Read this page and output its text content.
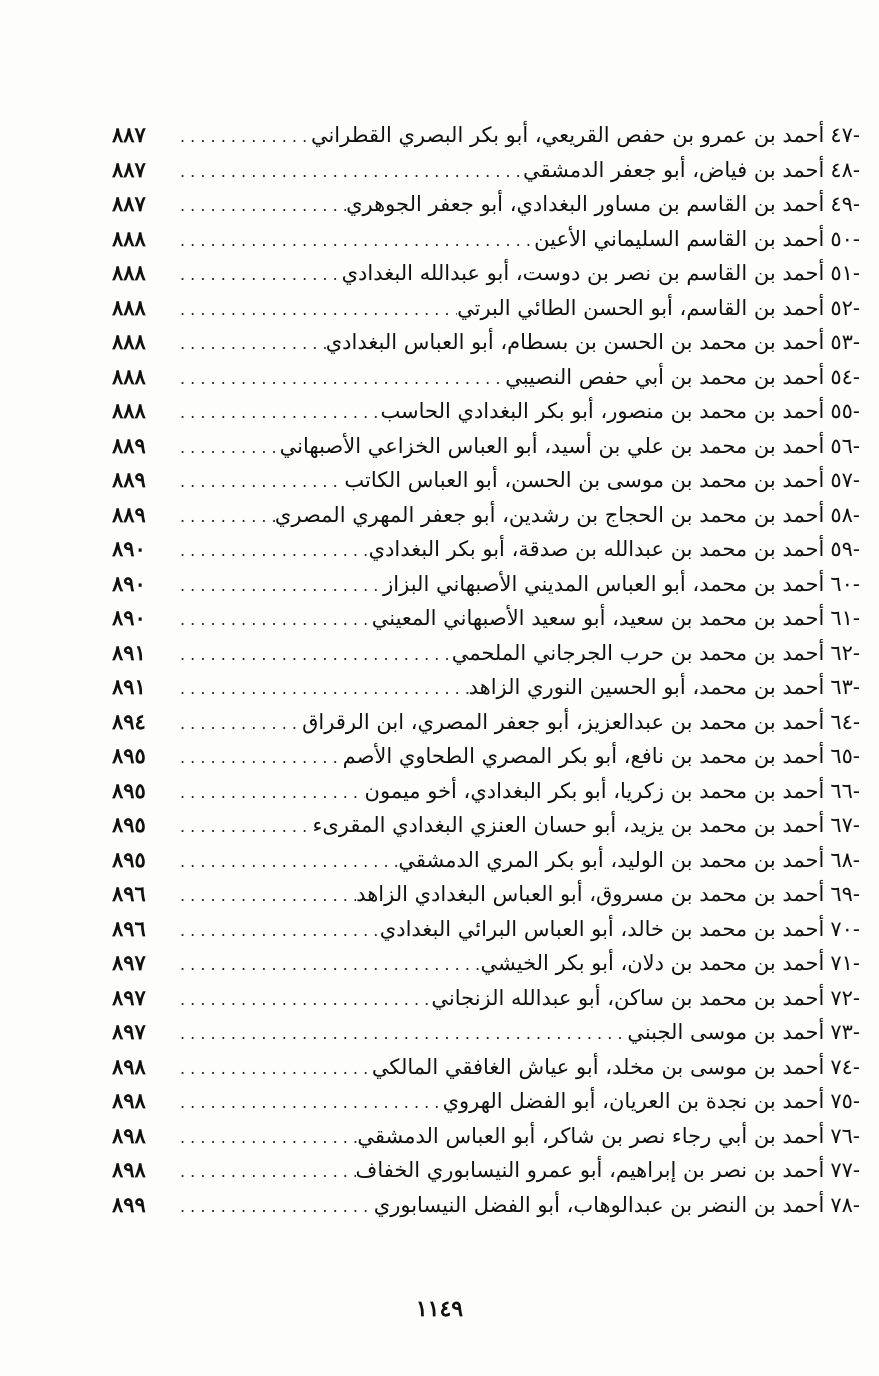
٤٧-
أحمد بن عمرو بن حفص القريعي، أبو بكر البصري القطراني
. . .
٨٨٧
٤٨-
أحمد بن فياض، أبو جعفر الدمشقي
. . .
٨٨٧
٤٩-
أحمد بن القاسم بن مساور البغدادي، أبو جعفر الجوهري
. . .
٨٨٧
٥٠-
أحمد بن القاسم السليماني الأعين
. . .
٨٨٨
٥١-
أحمد بن القاسم بن نصر بن دوست، أبو عبدالله البغدادي
. . .
٨٨٨
٥٢-
أحمد بن القاسم، أبو الحسن الطائي البرتي
. . .
٨٨٨
٥٣-
أحمد بن محمد بن الحسن بن بسطام، أبو العباس البغدادي
. . .
٨٨٨
٥٤-
أحمد بن محمد بن أبي حفص النصيبي
. . .
٨٨٨
٥٥-
أحمد بن محمد بن منصور، أبو بكر البغدادي الحاسب
. . .
٨٨٨
٥٦-
أحمد بن محمد بن علي بن أسيد، أبو العباس الخزاعي الأصبهاني
. . .
٨٨٩
٥٧-
أحمد بن محمد بن موسى بن الحسن، أبو العباس الكاتب
. . .
٨٨٩
٥٨-
أحمد بن محمد بن الحجاج بن رشدين، أبو جعفر المهري المصري
. . .
٨٨٩
٥٩-
أحمد بن محمد بن عبدالله بن صدقة، أبو بكر البغدادي
. . .
٨٩٠
٦٠-
أحمد بن محمد، أبو العباس المديني الأصبهاني البزاز
. . .
٨٩٠
٦١-
أحمد بن محمد بن سعيد، أبو سعيد الأصبهاني المعيني
. . .
٨٩٠
٦٢-
أحمد بن محمد بن حرب الجرجاني الملحمي
. . .
٨٩١
٦٣-
أحمد بن محمد، أبو الحسين النوري الزاهد
. . .
٨٩١
٦٤-
أحمد بن محمد بن عبدالعزيز، أبو جعفر المصري، ابن الرقراق
. . .
٨٩٤
٦٥-
أحمد بن محمد بن نافع، أبو بكر المصري الطحاوي الأصم
. . .
٨٩٥
٦٦-
أحمد بن محمد بن زكريا، أبو بكر البغدادي، أخو ميمون
. . .
٨٩٥
٦٧-
أحمد بن محمد بن يزيد، أبو حسان العنزي البغدادي المقرىء
. . .
٨٩٥
٦٨-
أحمد بن محمد بن الوليد، أبو بكر المري الدمشقي
. . .
٨٩٥
٦٩-
أحمد بن محمد بن مسروق، أبو العباس البغدادي الزاهد
. . .
٨٩٦
٧٠-
أحمد بن محمد بن خالد، أبو العباس البرائي البغدادي
. . .
٨٩٦
٧١-
أحمد بن محمد بن دلان، أبو بكر الخيشي
. . .
٨٩٧
٧٢-
أحمد بن محمد بن ساكن، أبو عبدالله الزنجاني
. . .
٨٩٧
٧٣-
أحمد بن موسى الجبني
. . .
٨٩٧
٧٤-
أحمد بن موسى بن مخلد، أبو عياش الغافقي المالكي
. . .
٨٩٨
٧٥-
أحمد بن نجدة بن العريان، أبو الفضل الهروي
. . .
٨٩٨
٧٦-
أحمد بن أبي رجاء نصر بن شاكر، أبو العباس الدمشقي
. . .
٨٩٨
٧٧-
أحمد بن نصر بن إبراهيم، أبو عمرو النيسابوري الخفاف
. . .
٨٩٨
٧٨-
أحمد بن النضر بن عبدالوهاب، أبو الفضل النيسابوري
. . .
٨٩٩
١١٤٩
